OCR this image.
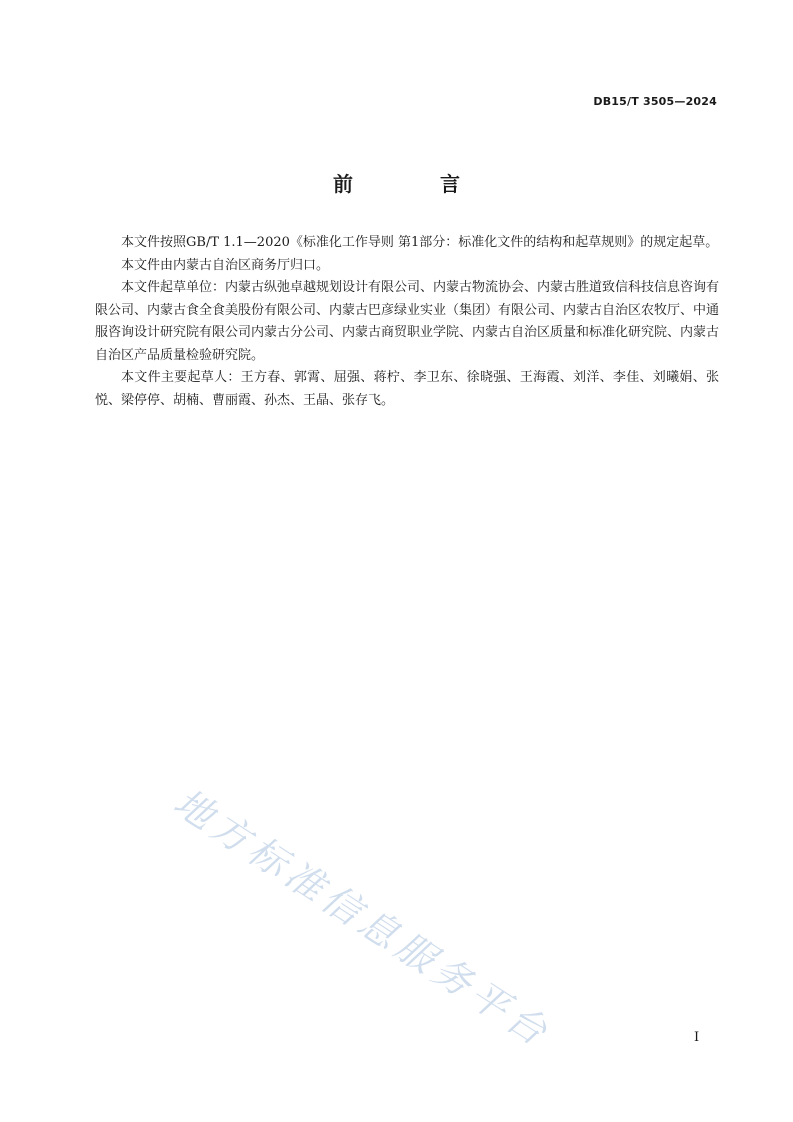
DB15/T 3505—2024
前 言

本文件按照GB/T 1.1—2020《标准化工作导则 第1部分：标准化文件的结构和起草规则》的规定起草。

本文件由内蒙古自治区商务厅归口。

本文件起草单位：内蒙古纵弛卓越规划设计有限公司、内蒙古物流协会、内蒙古胜道致信科技信息咨询有限公司、内蒙古食全食美股份有限公司、内蒙古巴彦绿业实业（集团）有限公司、内蒙古自治区农牧厅、中通服咨询设计研究院有限公司内蒙古分公司、内蒙古商贸职业学院、内蒙古自治区质量和标准化研究院、内蒙古自治区产品质量检验研究院。

本文件主要起草人：王方春、郭霄、屈强、蒋柠、李卫东、徐晓强、王海霞、刘洋、李佳、刘曦娟、张悦、梁停停、胡楠、曹丽霞、孙杰、王晶、张存飞。

地方标准信息服务平台	I
